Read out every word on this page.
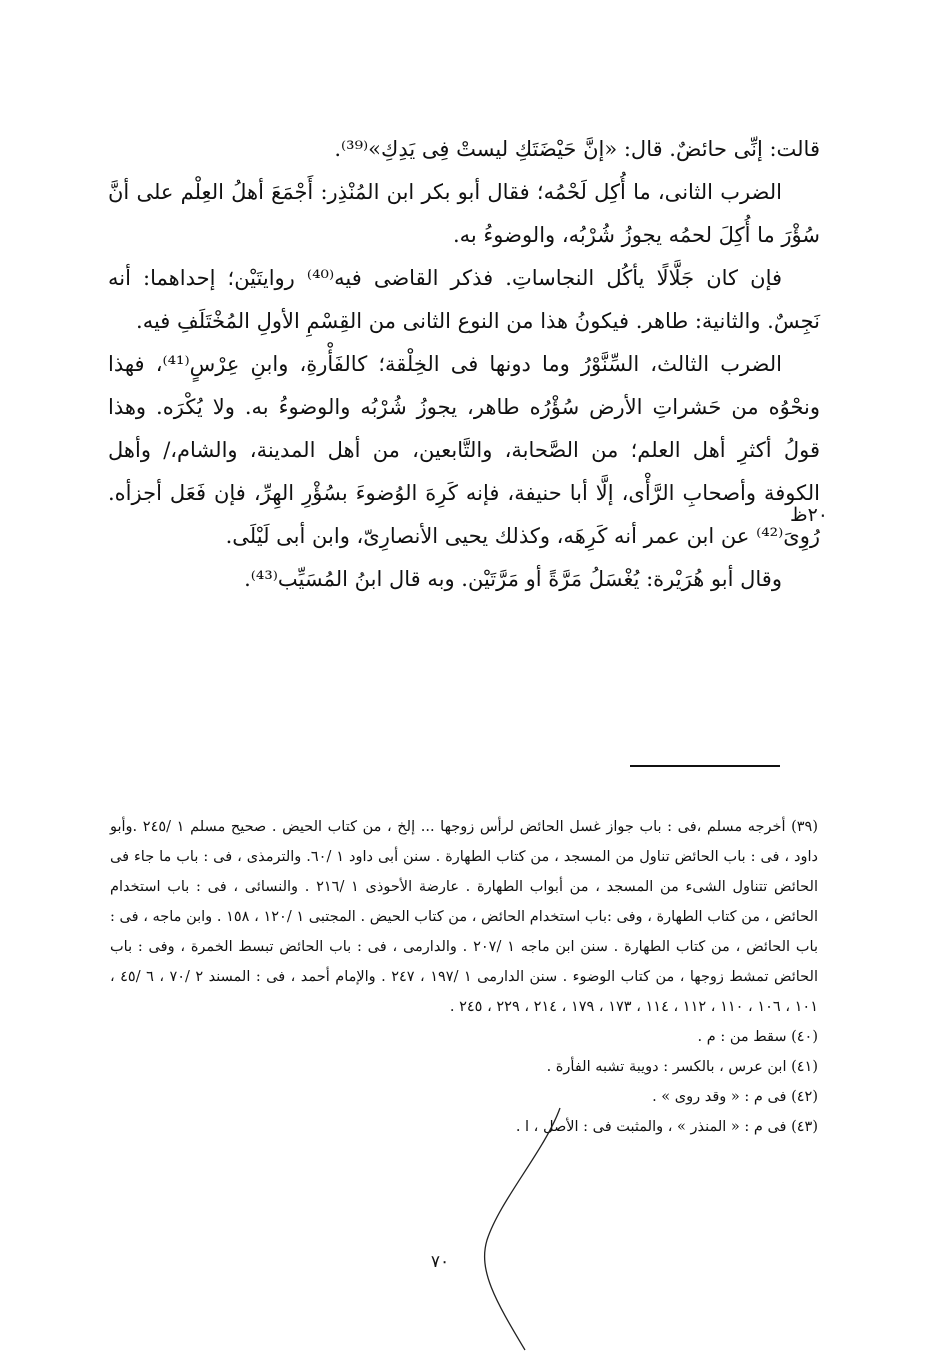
قالت: إنِّى حائضٌ. قال: «إنَّ حَيْضَتَكِ ليستْ فِى يَدِكِ»⁽³⁹⁾.

الضرب الثانى، ما أُكِل لَحْمُه؛ فقال أبو بكر ابن المُنْذِر: أَجْمَعَ أهلُ العِلْم على أنَّ سُؤْرَ ما أُكِلَ لحمُه يجوزُ شُرْبُه، والوضوءُ به.

فإن كان جَلَّالًا يأكُل النجاساتِ. فذكر القاضى فيه⁽⁴⁰⁾ روايتَيْن؛ إحداهما: أنه نَجِسٌ. والثانية: طاهر. فيكونُ هذا من النوع الثانى من القِسْمِ الأولِ المُخْتَلَفِ فيه.

الضرب الثالث، السِّنَّوْرُ وما دونها فى الخِلْقة؛ كالفَأْرةِ، وابنِ عِرْسٍ⁽⁴¹⁾، فهذا ونحْوُه من حَشراتِ الأرض سُؤْرُه طاهر، يجوزُ شُرْبُه والوضوءُ به. ولا يُكْرَه. وهذا قولُ أكثرِ أهل العلم؛ من الصَّحابة، والتَّابعين، من أهل المدينة، والشام،/ وأهل الكوفة وأصحابِ الرَّأْى، إلَّا أبا حنيفة، فإنه كَرِهَ الوُضوءَ بسُؤْرِ الهِرِّ، فإن فَعَل أجزأه. رُوِىَ⁽⁴²⁾ عن ابن عمر أنه كَرِهَه، وكذلك يحيى الأنصارِىّ، وابن أبى لَيْلَى.

وقال أبو هُرَيْرة: يُغْسَلُ مَرَّةً أو مَرَّتَيْن. وبه قال ابنُ المُسَيِّب⁽⁴³⁾.

٢٠ظ

(٣٩) أخرجه مسلم ،فى : باب جواز غسل الحائض لرأس زوجها ... إلخ ، من كتاب الحيض . صحيح مسلم ١ /٢٤٥ .وأبو داود ، فى : باب الحائض تناول من المسجد ، من كتاب الطهارة . سنن أبى داود ١ /٦٠. والترمذى ، فى : باب ما جاء فى الحائض تتناول الشىء من المسجد ، من أبواب الطهارة . عارضة الأحوذى ١ /٢١٦ . والنسائى ، فى : باب استخدام الحائض ، من كتاب الطهارة ، وفى :باب استخدام الحائض ، من كتاب الحيض . المجتبى ١ /١٢٠ ، ١٥٨ . وابن ماجه ، فى : باب الحائض ، من كتاب الطهارة . سنن ابن ماجه ١ /٢٠٧ . والدارمى ، فى : باب الحائض تبسط الخمرة ، وفى : باب الحائض تمشط زوجها ، من كتاب الوضوء . سنن الدارمى ١ /١٩٧ ، ٢٤٧ . والإمام أحمد ، فى : المسند ٢ /٧٠ ، ٦ /٤٥ ، ١٠١ ، ١٠٦ ، ١١٠ ، ١١٢ ، ١١٤ ، ١٧٣ ، ١٧٩ ، ٢١٤ ، ٢٢٩ ، ٢٤٥ .

(٤٠) سقط من : م .

(٤١) ابن عرس ، بالكسر : دويبة تشبه الفأرة .

(٤٢) فى م : « وقد روى » .

(٤٣) فى م : « المنذر » ، والمثبت فى : الأصل ، ا .

٧٠
